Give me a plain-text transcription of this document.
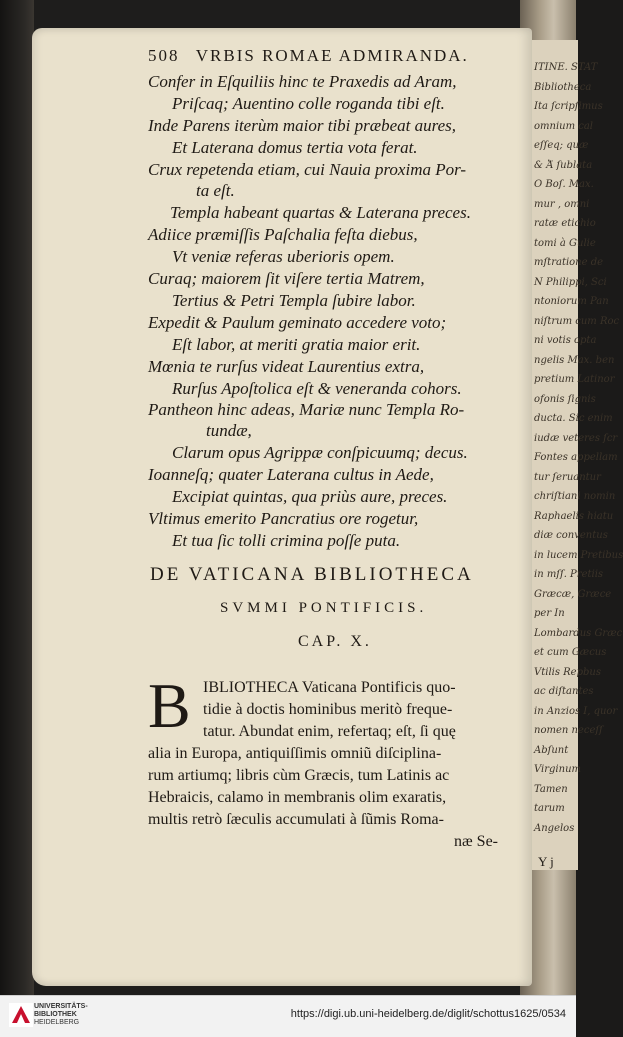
ITINE. STAT
Bibliotheca
Ita ſcripſimus
omnium cal
eſſeq; quæ
& Ἀ̈ ſublata
Ο Boſ. Max.
mur , omni
ratæ etichio
tomi à Gulie
mſtratione de
N Philippi, Sci
ntoniorum Pan
niſtrum cum Roc
ni votis opta
ngelis Max. ben
pretium Latinor
ofonis ſignis
ducta. Sic enim
iudæ veteres ſcr
Fontes appellam
tur ſeruantur
chriſtiani nomin
Raphaelis hiatu
diæ conventus
in lucem Pretibus
in mſſ. Pretiis
Græcæ, Græce
per In
Lombardus Græc
et cum Gæcus
Vtilis Repbus
ac diſtantes
in Anzios I, quor
nomen neceſſ
Abſunt
Virginum
Tamen
tarum
Angelos
508 VRBIS ROMAE ADMIRANDA.
Confer in Eſquiliis hinc te Praxedis ad Aram,
Priſcaq; Auentino colle roganda tibi eſt.
Inde Parens iterùm maior tibi præbeat aures,
Et Laterana domus tertia vota ferat.
Crux repetenda etiam, cui Nauia proxima Por-
ta eſt.
Templa habeant quartas & Laterana preces.
Adiice præmiſſis Paſchalia feſta diebus,
Vt veniæ referas uberioris opem.
Curaq; maiorem ſit viſere tertia Matrem,
Tertius & Petri Templa ſubire labor.
Expedit & Paulum geminato accedere voto;
Eſt labor, at meriti gratia maior erit.
Mœnia te rurſus videat Laurentius extra,
Rurſus Apoſtolica eſt & veneranda cohors.
Pantheon hinc adeas, Mariæ nunc Templa Ro-
tundæ,
Clarum opus Agrippæ conſpicuumq; decus.
Ioanneſq; quater Laterana cultus in Aede,
Excipiat quintas, qua priùs aure, preces.
Vltimus emerito Pancratius ore rogetur,
Et tua ſic tolli crimina poſſe puta.
DE VATICANA BIBLIOTHECA
SVMMI PONTIFICIS.
CAP. X.
B IBLIOTHECA Vaticana Pontificis quo-
tidie à doctis hominibus meritò freque-
tatur. Abundat enim, refertaq; eſt, ſi quę
alia in Europa, antiquiſſimis omniũ diſciplina-
rum artiumq; libris cùm Græcis, tum Latinis ac
Hebraicis, calamo in membranis olim exaratis,
multis retrò ſæculis accumulati à ſũmis Roma-
næ Se-
Y j
UNIVERSITÄTS-
BIBLIOTHEK
HEIDELBERG
https://digi.ub.uni-heidelberg.de/diglit/schottus1625/0534
